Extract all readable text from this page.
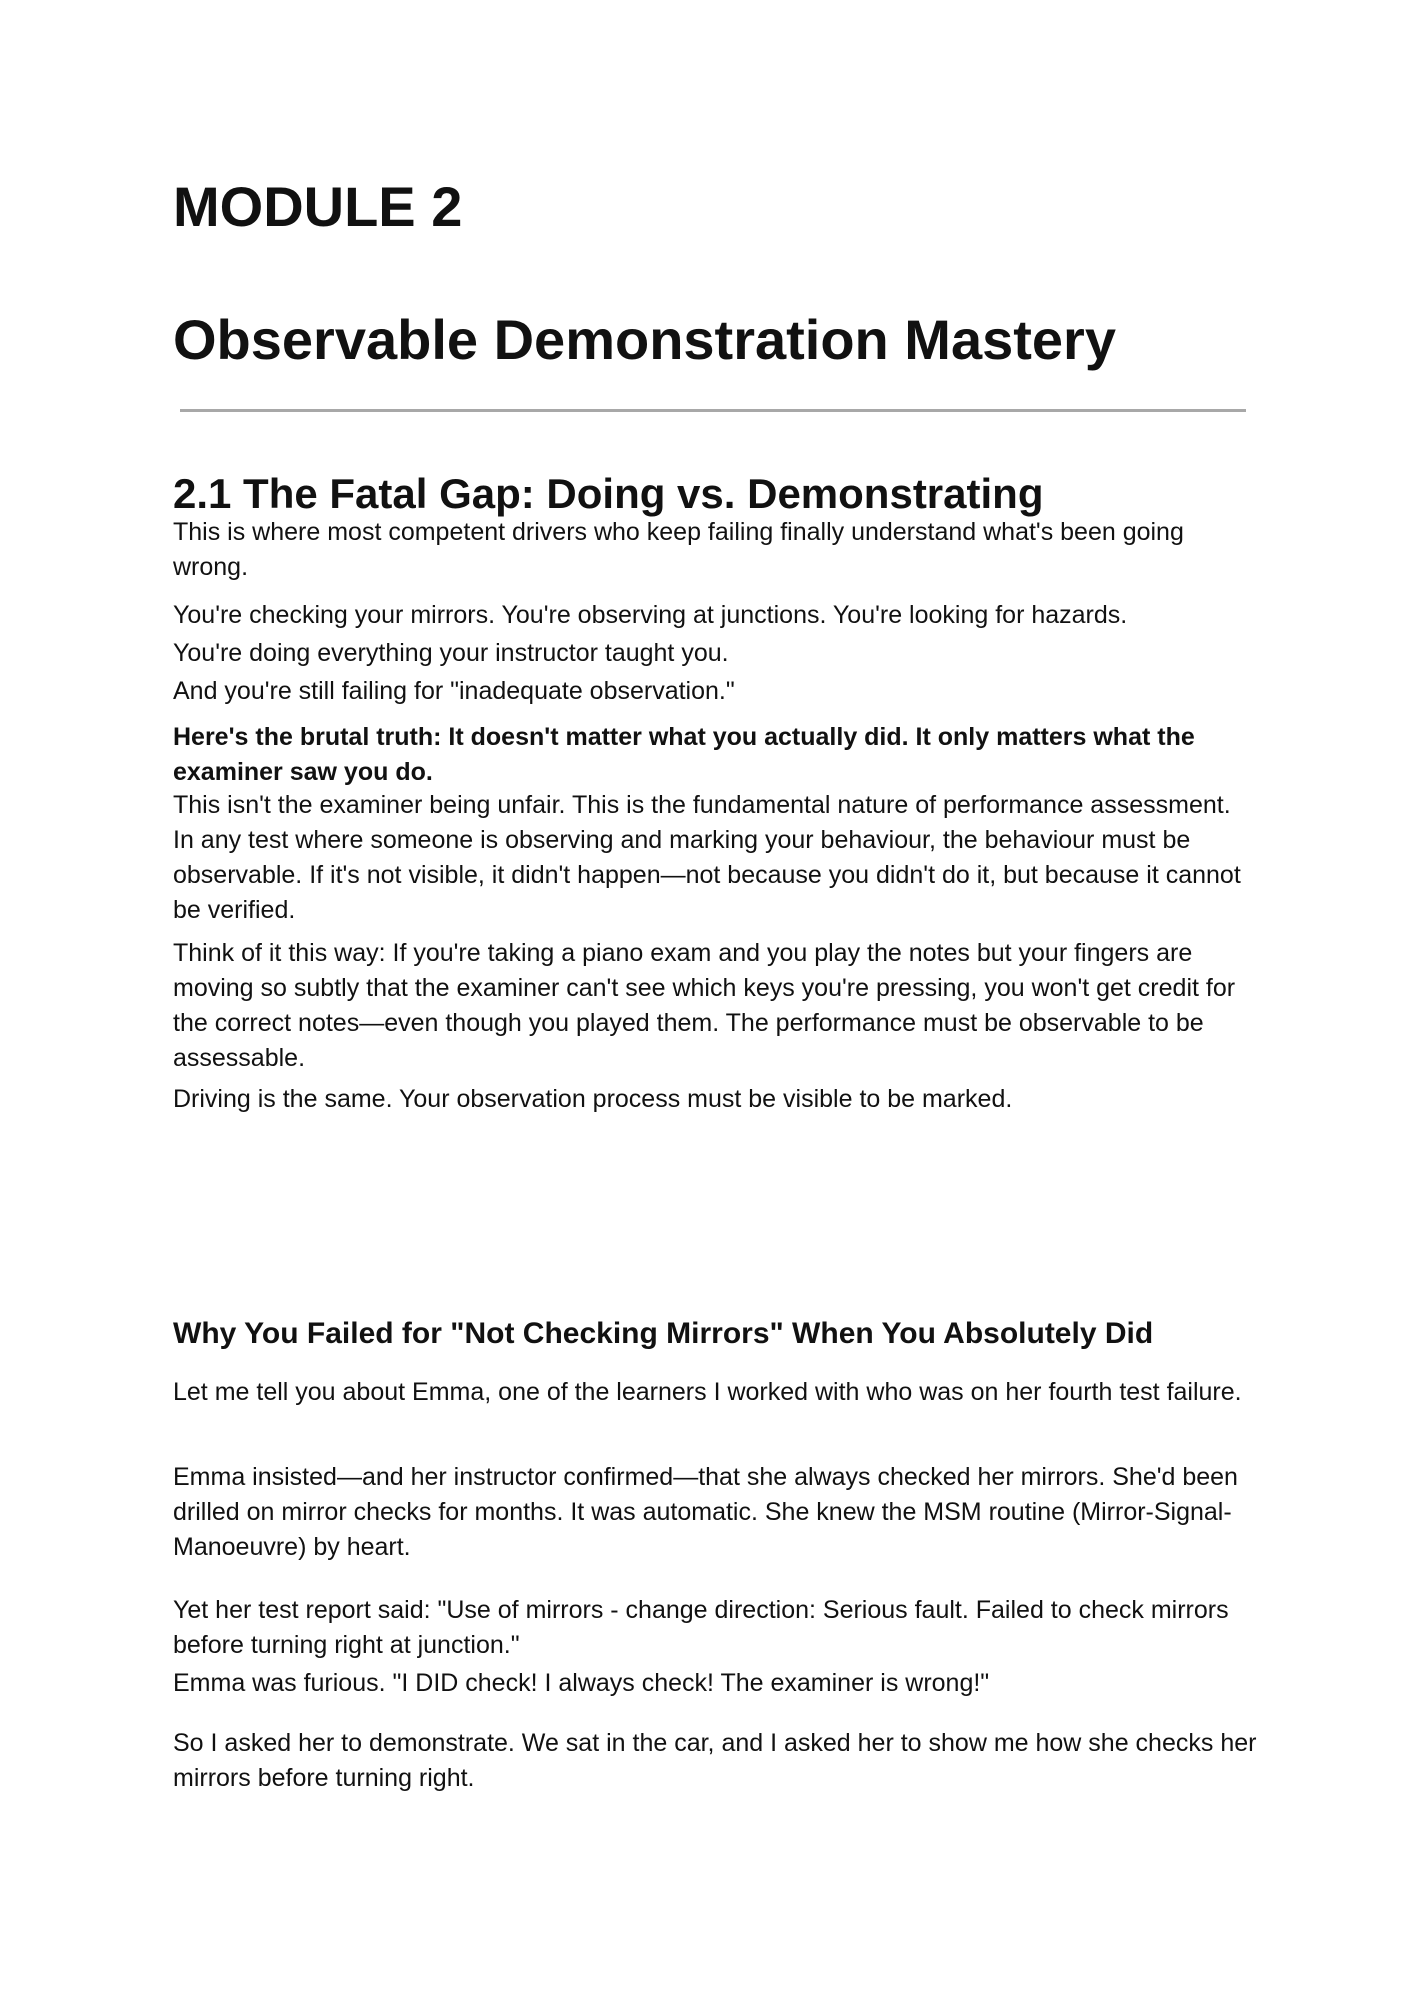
MODULE 2
Observable Demonstration Mastery
2.1 The Fatal Gap: Doing vs. Demonstrating

This is where most competent drivers who keep failing finally understand what's been going wrong.

You're checking your mirrors. You're observing at junctions. You're looking for hazards.

You're doing everything your instructor taught you.

And you're still failing for "inadequate observation."

Here's the brutal truth: It doesn't matter what you actually did. It only matters what the examiner saw you do.

This isn't the examiner being unfair. This is the fundamental nature of performance assessment. In any test where someone is observing and marking your behaviour, the behaviour must be observable. If it's not visible, it didn't happen—not because you didn't do it, but because it cannot be verified.

Think of it this way: If you're taking a piano exam and you play the notes but your fingers are moving so subtly that the examiner can't see which keys you're pressing, you won't get credit for the correct notes—even though you played them. The performance must be observable to be assessable.

Driving is the same. Your observation process must be visible to be marked.

Why You Failed for "Not Checking Mirrors" When You Absolutely Did

Let me tell you about Emma, one of the learners I worked with who was on her fourth test failure.

Emma insisted—and her instructor confirmed—that she always checked her mirrors. She'd been drilled on mirror checks for months. It was automatic. She knew the MSM routine (Mirror-Signal-Manoeuvre) by heart.

Yet her test report said: "Use of mirrors - change direction: Serious fault. Failed to check mirrors before turning right at junction."

Emma was furious. "I DID check! I always check! The examiner is wrong!"

So I asked her to demonstrate. We sat in the car, and I asked her to show me how she checks her mirrors before turning right.
